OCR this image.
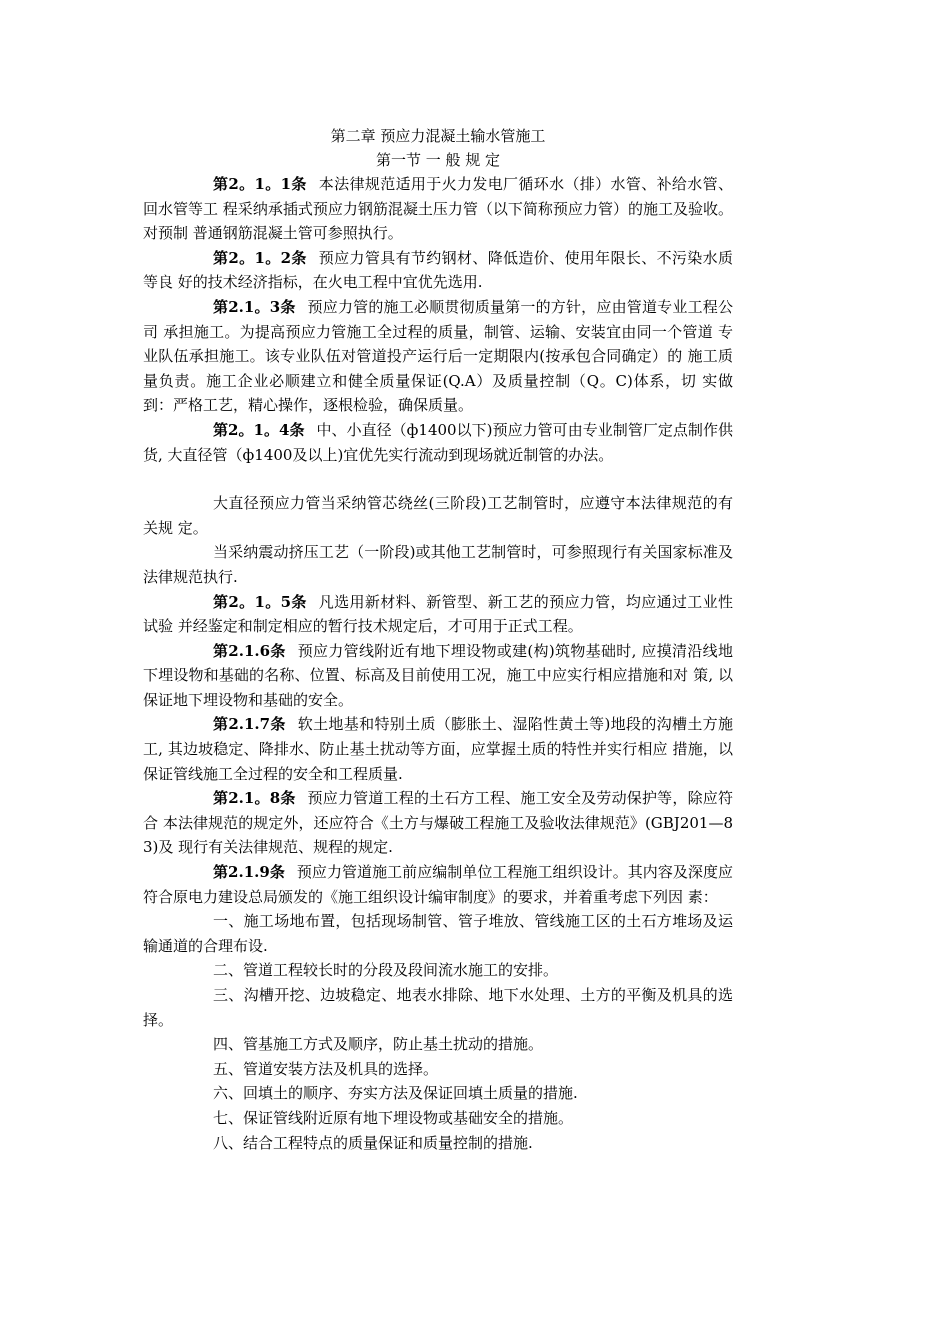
第二章 预应力混凝土输水管施工
第一节 一 般 规 定

第2。1。1条 本法律规范适用于火力发电厂循环水（排）水管、补给水管、回水管等工 程采纳承插式预应力钢筋混凝土压力管（以下简称预应力管）的施工及验收。对预制 普通钢筋混凝土管可参照执行。

第2。1。2条 预应力管具有节约钢材、降低造价、使用年限长、不污染水质等良 好的技术经济指标，在火电工程中宜优先选用.

第2.1。3条 预应力管的施工必顺贯彻质量第一的方针，应由管道专业工程公司 承担施工。为提高预应力管施工全过程的质量，制管、运输、安装宜由同一个管道 专业队伍承担施工。该专业队伍对管道投产运行后一定期限内(按承包合同确定）的 施工质量负责。施工企业必顺建立和健全质量保证(Q.A）及质量控制（Q。C)体系，切 实做到：严格工艺，精心操作，逐根检验，确保质量。

第2。1。4条 中、小直径（ф1400以下)预应力管可由专业制管厂定点制作供货, 大直径管（ф1400及以上)宜优先实行流动到现场就近制管的办法。

大直径预应力管当采纳管芯绕丝(三阶段)工艺制管时，应遵守本法律规范的有关规 定。

当采纳震动挤压工艺（一阶段)或其他工艺制管时，可参照现行有关国家标准及 法律规范执行.

第2。1。5条 凡选用新材料、新管型、新工艺的预应力管，均应通过工业性试验 并经鉴定和制定相应的暂行技术规定后，才可用于正式工程。

第2.1.6条 预应力管线附近有地下埋设物或建(构)筑物基础时, 应摸清沿线地 下埋设物和基础的名称、位置、标高及目前使用工况，施工中应实行相应措施和对 策, 以保证地下埋设物和基础的安全。

第2.1.7条 软土地基和特别土质（膨胀土、湿陷性黄土等)地段的沟槽土方施 工, 其边坡稳定、降排水、防止基土扰动等方面，应掌握土质的特性并实行相应 措施，以保证管线施工全过程的安全和工程质量.

第2.1。8条 预应力管道工程的土石方工程、施工安全及劳动保护等，除应符合 本法律规范的规定外，还应符合《土方与爆破工程施工及验收法律规范》(GBJ201—83)及 现行有关法律规范、规程的规定.

第2.1.9条 预应力管道施工前应编制单位工程施工组织设计。其内容及深度应 符合原电力建设总局颁发的《施工组织设计编审制度》的要求，并着重考虑下列因 素：

一、施工场地布置，包括现场制管、管子堆放、管线施工区的土石方堆场及运 输通道的合理布设.

二、管道工程较长时的分段及段间流水施工的安排。

三、沟槽开挖、边坡稳定、地表水排除、地下水处理、土方的平衡及机具的选 择。

四、管基施工方式及顺序，防止基土扰动的措施。

五、管道安装方法及机具的选择。

六、回填土的顺序、夯实方法及保证回填土质量的措施.

七、保证管线附近原有地下埋设物或基础安全的措施。

八、结合工程特点的质量保证和质量控制的措施.
